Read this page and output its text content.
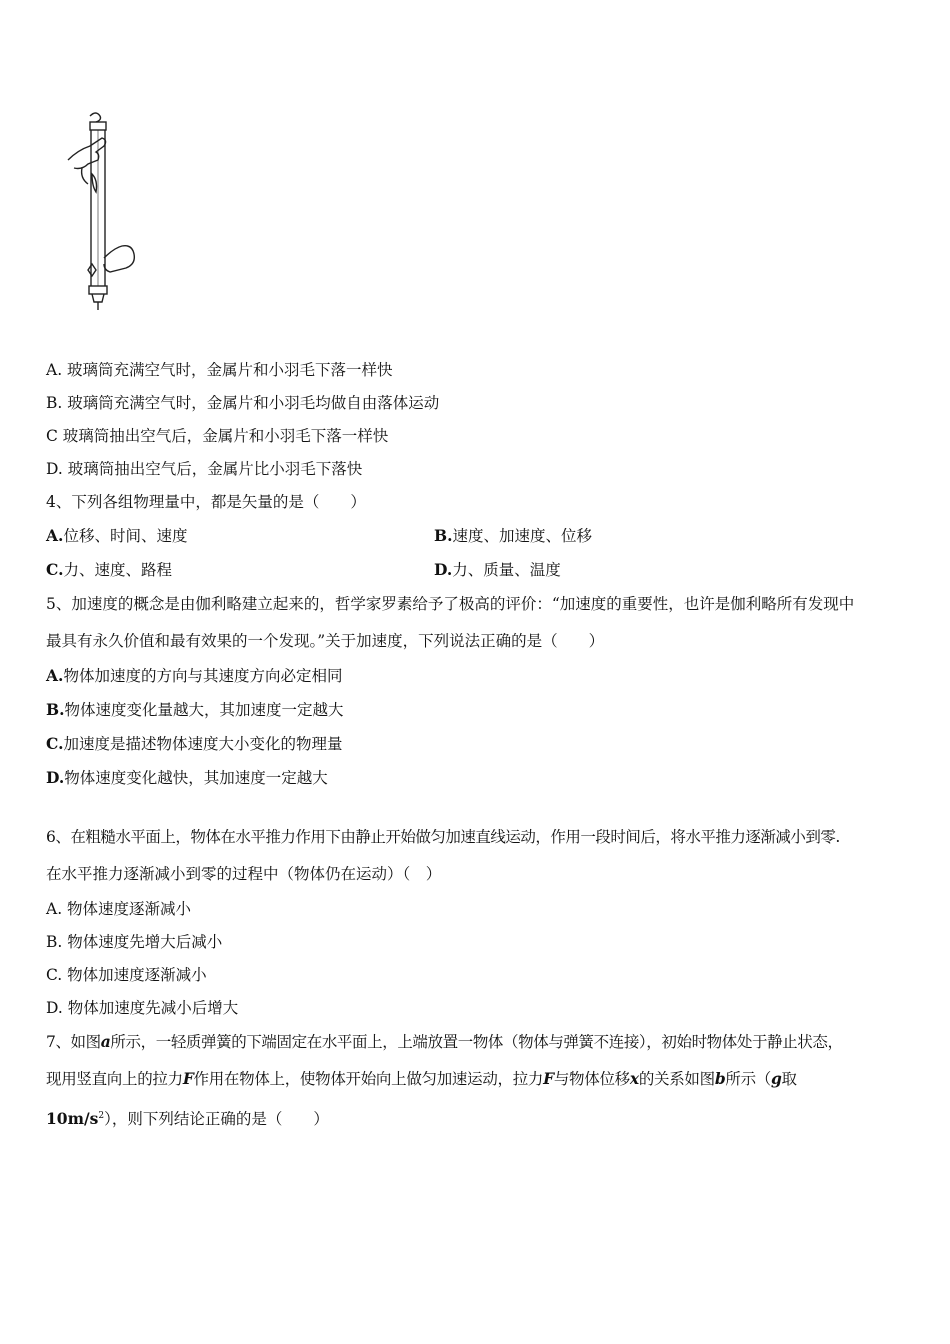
A. 玻璃筒充满空气时，金属片和小羽毛下落一样快
B. 玻璃筒充满空气时，金属片和小羽毛均做自由落体运动
C 玻璃筒抽出空气后，金属片和小羽毛下落一样快
D. 玻璃筒抽出空气后，金属片比小羽毛下落快
4、下列各组物理量中，都是矢量的是（　　）
A.位移、时间、速度	B.速度、加速度、位移
C.力、速度、路程	D.力、质量、温度
5、加速度的概念是由伽利略建立起来的，哲学家罗素给予了极高的评价：“加速度的重要性，也许是伽利略所有发现中
最具有永久价值和最有效果的一个发现。”关于加速度，下列说法正确的是（　　）
A.物体加速度的方向与其速度方向必定相同
B.物体速度变化量越大，其加速度一定越大
C.加速度是描述物体速度大小变化的物理量
D.物体速度变化越快，其加速度一定越大
6、在粗糙水平面上，物体在水平推力作用下由静止开始做匀加速直线运动，作用一段时间后，将水平推力逐渐减小到零.
在水平推力逐渐减小到零的过程中（物体仍在运动）（　）
A. 物体速度逐渐减小
B. 物体速度先增大后减小
C. 物体加速度逐渐减小
D. 物体加速度先减小后增大
7、如图a所示，一轻质弹簧的下端固定在水平面上，上端放置一物体（物体与弹簧不连接），初始时物体处于静止状态，
现用竖直向上的拉力F作用在物体上，使物体开始向上做匀加速运动，拉力F与物体位移x的关系如图b所示（g取
$10m/s^2$），则下列结论正确的是（　　）
